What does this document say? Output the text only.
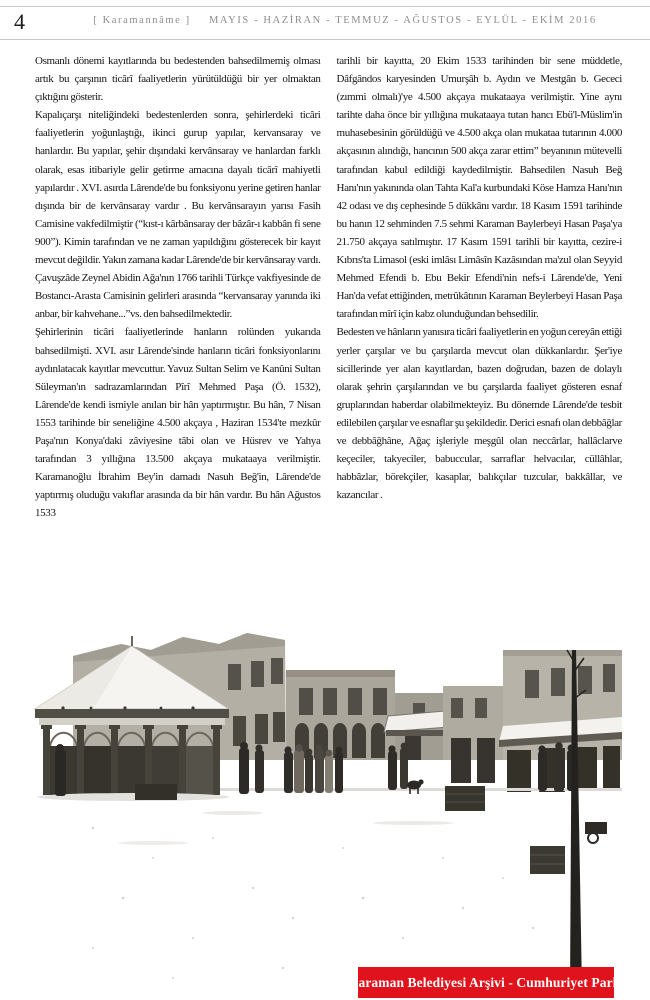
4	[ Karamannâme ] MAYIS - HAZİRAN - TEMMUZ - AĞUSTOS - EYLÜL - EKİM 2016

Osmanlı dönemi kayıtlarında bu bedestenden bahsedilmemiş olması artık bu çarşının ticârî faaliyetlerin yürütüldüğü bir yer olmaktan çıktığını gösterir.

Kapalıçarşı niteliğindeki bedestenlerden sonra, şehirlerdeki ticâri faaliyetlerin yoğunlaştığı, ikinci gurup yapılar, kervansaray ve hanlardır. Bu yapılar, şehir dışındaki kervânsaray ve hanlardan farklı olarak, esas itibariyle gelir getirme amacına dayalı ticârî mahiyetli yapılardır . XVI. asırda Lârende'de bu fonksiyonu yerine getiren hanlar dışında bir de kervânsaray vardır . Bu kervânsarayın yarısı Fasih Camisine vakfedilmiştir (“kıst-ı kârbânsaray der bâzâr-ı kabbân fi sene 900”). Kimin tarafından ve ne zaman yapıldığını gösterecek bir kayıt mevcut değildir. Yakın zamana kadar Lârende'de bir kervânsaray vardı. Çavuşzâde Zeynel Abidin Ağa'nın 1766 tarihli Türkçe vakfiyesinde de Bostancı-Arasta Camisinin gelirleri arasında “kervansaray yanında iki anbar, bir kahvehane...”vs. den bahsedilmektedir.

Şehirlerinin ticâri faaliyetlerinde hanların rolünden yukarıda bahsedilmişti. XVI. asır Lârende'sinde hanların ticâri fonksiyonlarını aydınlatacak kayıtlar mevcuttur. Yavuz Sultan Selim ve Kanûni Sultan Süleyman'ın sadrazamlarından Pîrî Mehmed Paşa (Ö. 1532), Lârende'de kendi ismiyle anılan bir hân yaptırmıştır. Bu hân, 7 Nisan 1553 tarihinde bir seneliğine 4.500 akçaya , Haziran 1534'te mezkûr Paşa'nın Konya'daki zâviyesine tâbi olan ve Hüsrev ve Yahya tarafından 3 yıllığına 13.500 akçaya mukataaya verilmiştir. Karamanoğlu İbrahim Bey'in damadı Nasuh Beğ'in, Lârende'de yaptırmış oluduğu vakıflar arasında da bir hân vardır. Bu hân Ağustos 1533

tarihli bir kayıtta, 20 Ekim 1533 tarihinden bir sene müddetle, Dâfgândos karyesinden Umurşâh b. Aydın ve Mestgân b. Gececi (zımmi olmalı)'ye 4.500 akçaya mukataaya verilmiştir. Yine aynı tarihte daha önce bir yıllığına mukataaya tutan hancı Ebü'l-Müslim'in muhasebesinin görüldüğü ve 4.500 akça olan mukataa tutarının 4.000 akçasının alındığı, hancının 500 akça zarar ettim” beyanının mütevelli tarafından kabul edildiği kaydedilmiştir. Bahsedilen Nasuh Beğ Hanı'nın yakınında olan Tahta Kal'a kurbundaki Köse Hamza Hanı'nın 42 odası ve dış cephesinde 5 dükkânı vardır. 18 Kasım 1591 tarihinde bu hanın 12 sehminden 7.5 sehmi Karaman Baylerbeyi Hasan Paşa'ya 21.750 akçaya satılmıştır. 17 Kasım 1591 tarihli bir kayıtta, cezire-i Kıbrıs'ta Limasol (eski imlâsı Limâsîn Kazâsından ma'zul olan Seyyid Mehmed Efendi b. Ebu Bekir Efendi'nin nefs-i Lârende'de, Yeni Han'da vefat ettiğinden, metrûkâtının Karaman Beylerbeyi Hasan Paşa tarafından mîrî için kabz olunduğundan behsedilir.

Bedesten ve hânların yanısıra ticâri faaliyetlerin en yoğun cereyân ettiği yerler çarşılar ve bu çarşılarda mevcut olan dükkanlardır. Şer'iye sicillerinde yer alan kayıtlardan, bazen doğrudan, bazen de dolaylı olarak şehrin çarşılarından ve bu çarşılarda faaliyet gösteren esnaf gruplarından haberdar olabilmekteyiz. Bu dönemde Lârende'de tesbit edilebilen çarşılar ve esnaflar şu şekildedir. Derici esnafı olan debbâğlar ve debbâğhâne, Ağaç işleriyle meşgûl olan neccârlar, hallâclarve keçeciler, takyeciler, babuccular, sarraflar helvacılar, cüllâhlar, habbâzlar, börekçiler, kasaplar, balıkçılar tuzcular, bakkâllar, ve kazancılar .

Karaman Belediyesi Arşivi - Cumhuriyet Parkı
